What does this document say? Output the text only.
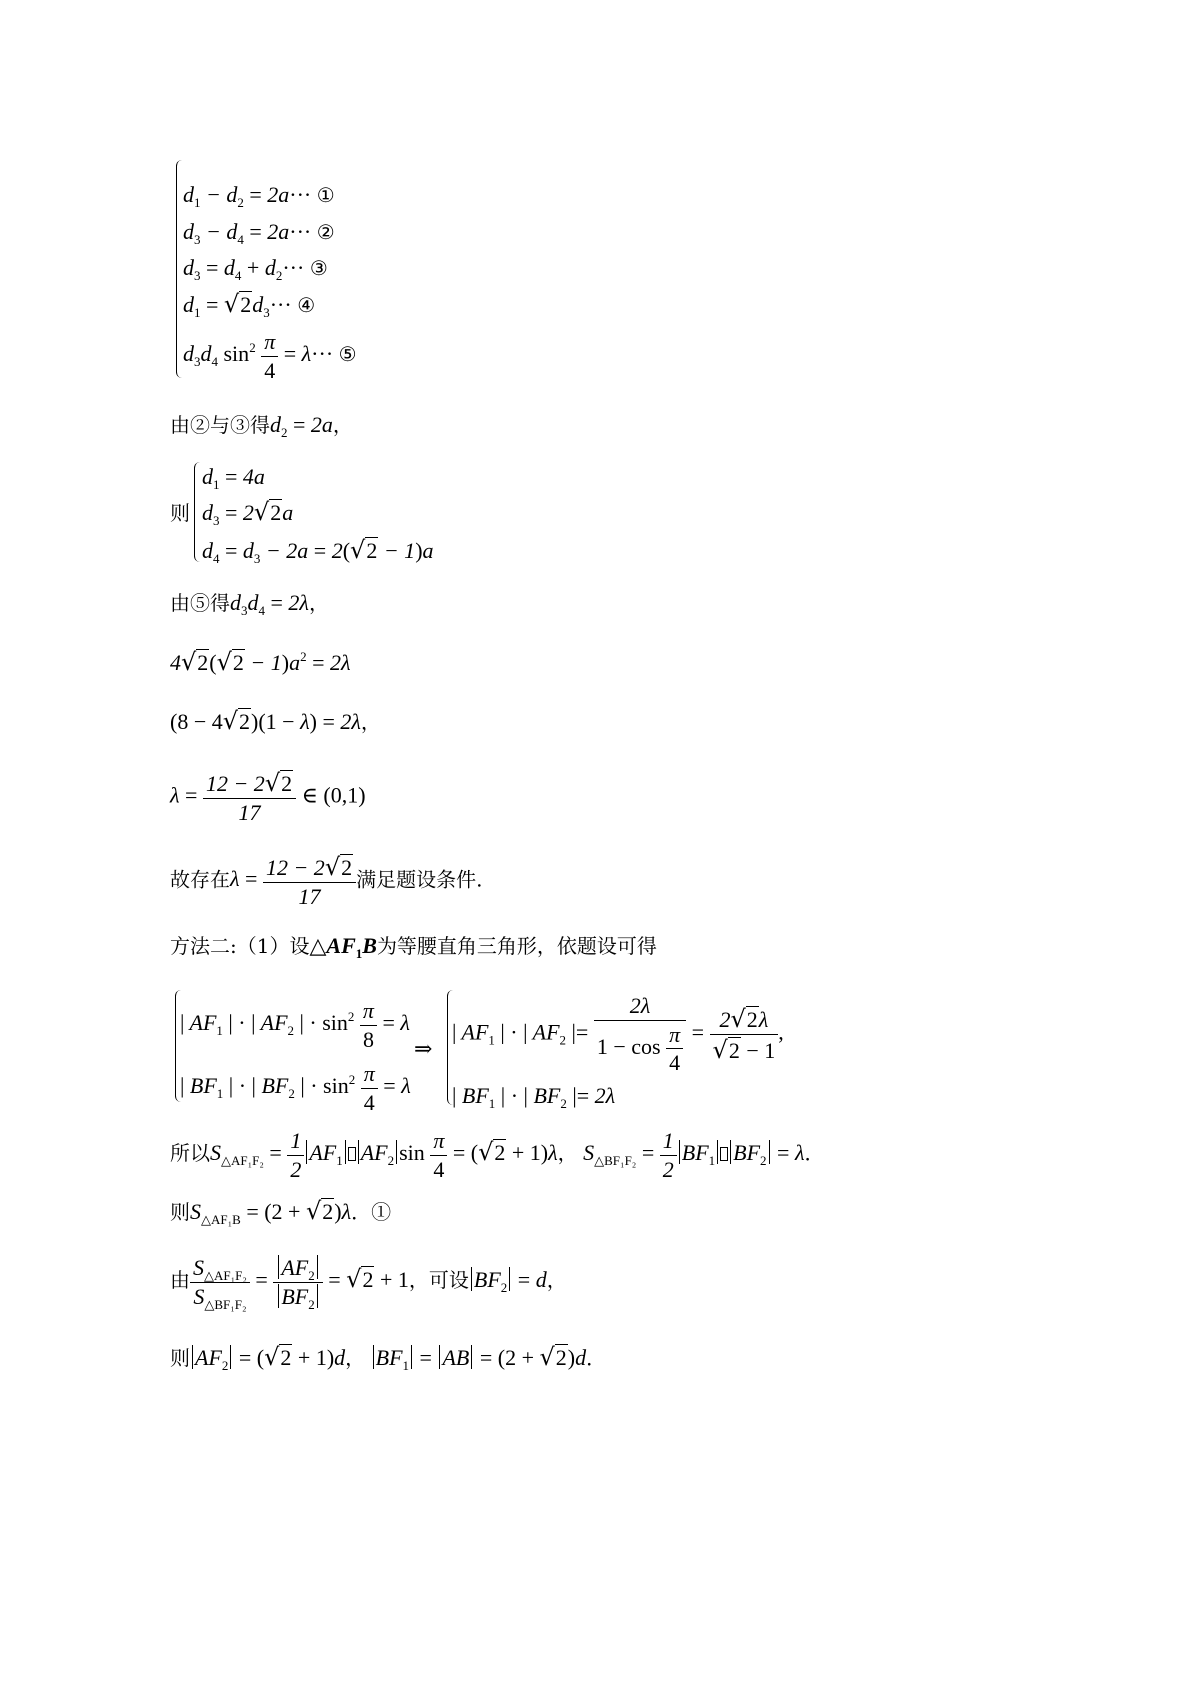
$d_1 - d_2 = 2a\cdot\cdot\cdot$ ①
$d_3 - d_4 = 2a\cdot\cdot\cdot$ ②
$d_3 = d_4 + d_2\cdot\cdot\cdot$ ③
$d_1 = √2d_3\cdot\cdot\cdot$ ④
$d_3d_4$ $\sin^2 \frac{\pi}{4} = \lambda\cdot\cdot\cdot$ ⑤
由②与③得$d_2 = 2a$，
则
$d_1 = 4a$
$d_3 = 2√2a$
$d_4 = d_3 - 2a = 2(√2 - 1)a$
由⑤得$d_3d_4 = 2\lambda$，
$4√2(√2 - 1)a^2 = 2\lambda$
(8 − 4√2)(1 − λ) = 2λ，
$\lambda = \frac{12 - 2√2}{17}$ ∈ (0,1)
故存在$\lambda = \frac{12 - 2√2}{17}$ 满足题设条件.
方法二:（1）设$\triangle AF_1B$为等腰直角三角形，依题设可得
| $AF_1$ | · | $AF_2$ | · $\sin^2 \frac{\pi}{8} = \lambda$
| $BF_1$ | · | $BF_2$ | · $\sin^2 \frac{\pi}{4} = \lambda$
⇒
| $AF_1$ | · | $AF_2$ |= $\frac{2\lambda}{1 - \cos \frac{\pi}{4}} = \frac{2√2\lambda}{√2 - 1}$ ,
| $BF_1$ | · | $BF_2$ |= 2λ
所以$S_{\triangle AF_1F_2} = \frac{1}{2} AF_1$ $AF_2$ $\sin \frac{\pi}{4} = (√2 + 1)\lambda$， $S_{\triangle BF_1F_2} = \frac{1}{2} BF_1$ $BF_2 = \lambda$．
则$S_{\triangle AF_1B} = (2 + √2)\lambda$．①
由 $\frac{S_{\triangle AF_1F_2}}{S_{\triangle BF_1F_2}} = \frac{AF_2}{BF_2} = √2 + 1$，可设 $BF_2 = d$，
则 $AF_2 = (√2 + 1)d$， $BF_1$ = AB = (2 + √2)d．
